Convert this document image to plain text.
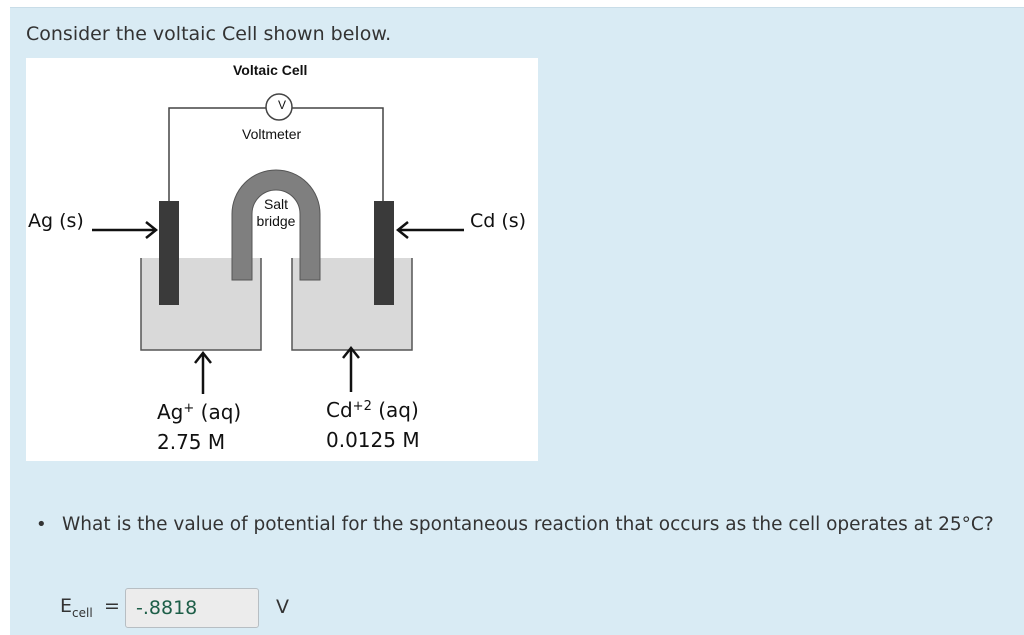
Consider the voltaic Cell shown below.

Voltaic Cell
V
Voltmeter
Salt
bridge
Ag (s)	Cd (s)
Ag+ (aq)
2.75 M
$Cd^{+2}$ (aq)
0.0125 M
• What is the value of potential for the spontaneous reaction that occurs as the cell operates at 25°C?

$E_{cell}$ =
-.8818	V
